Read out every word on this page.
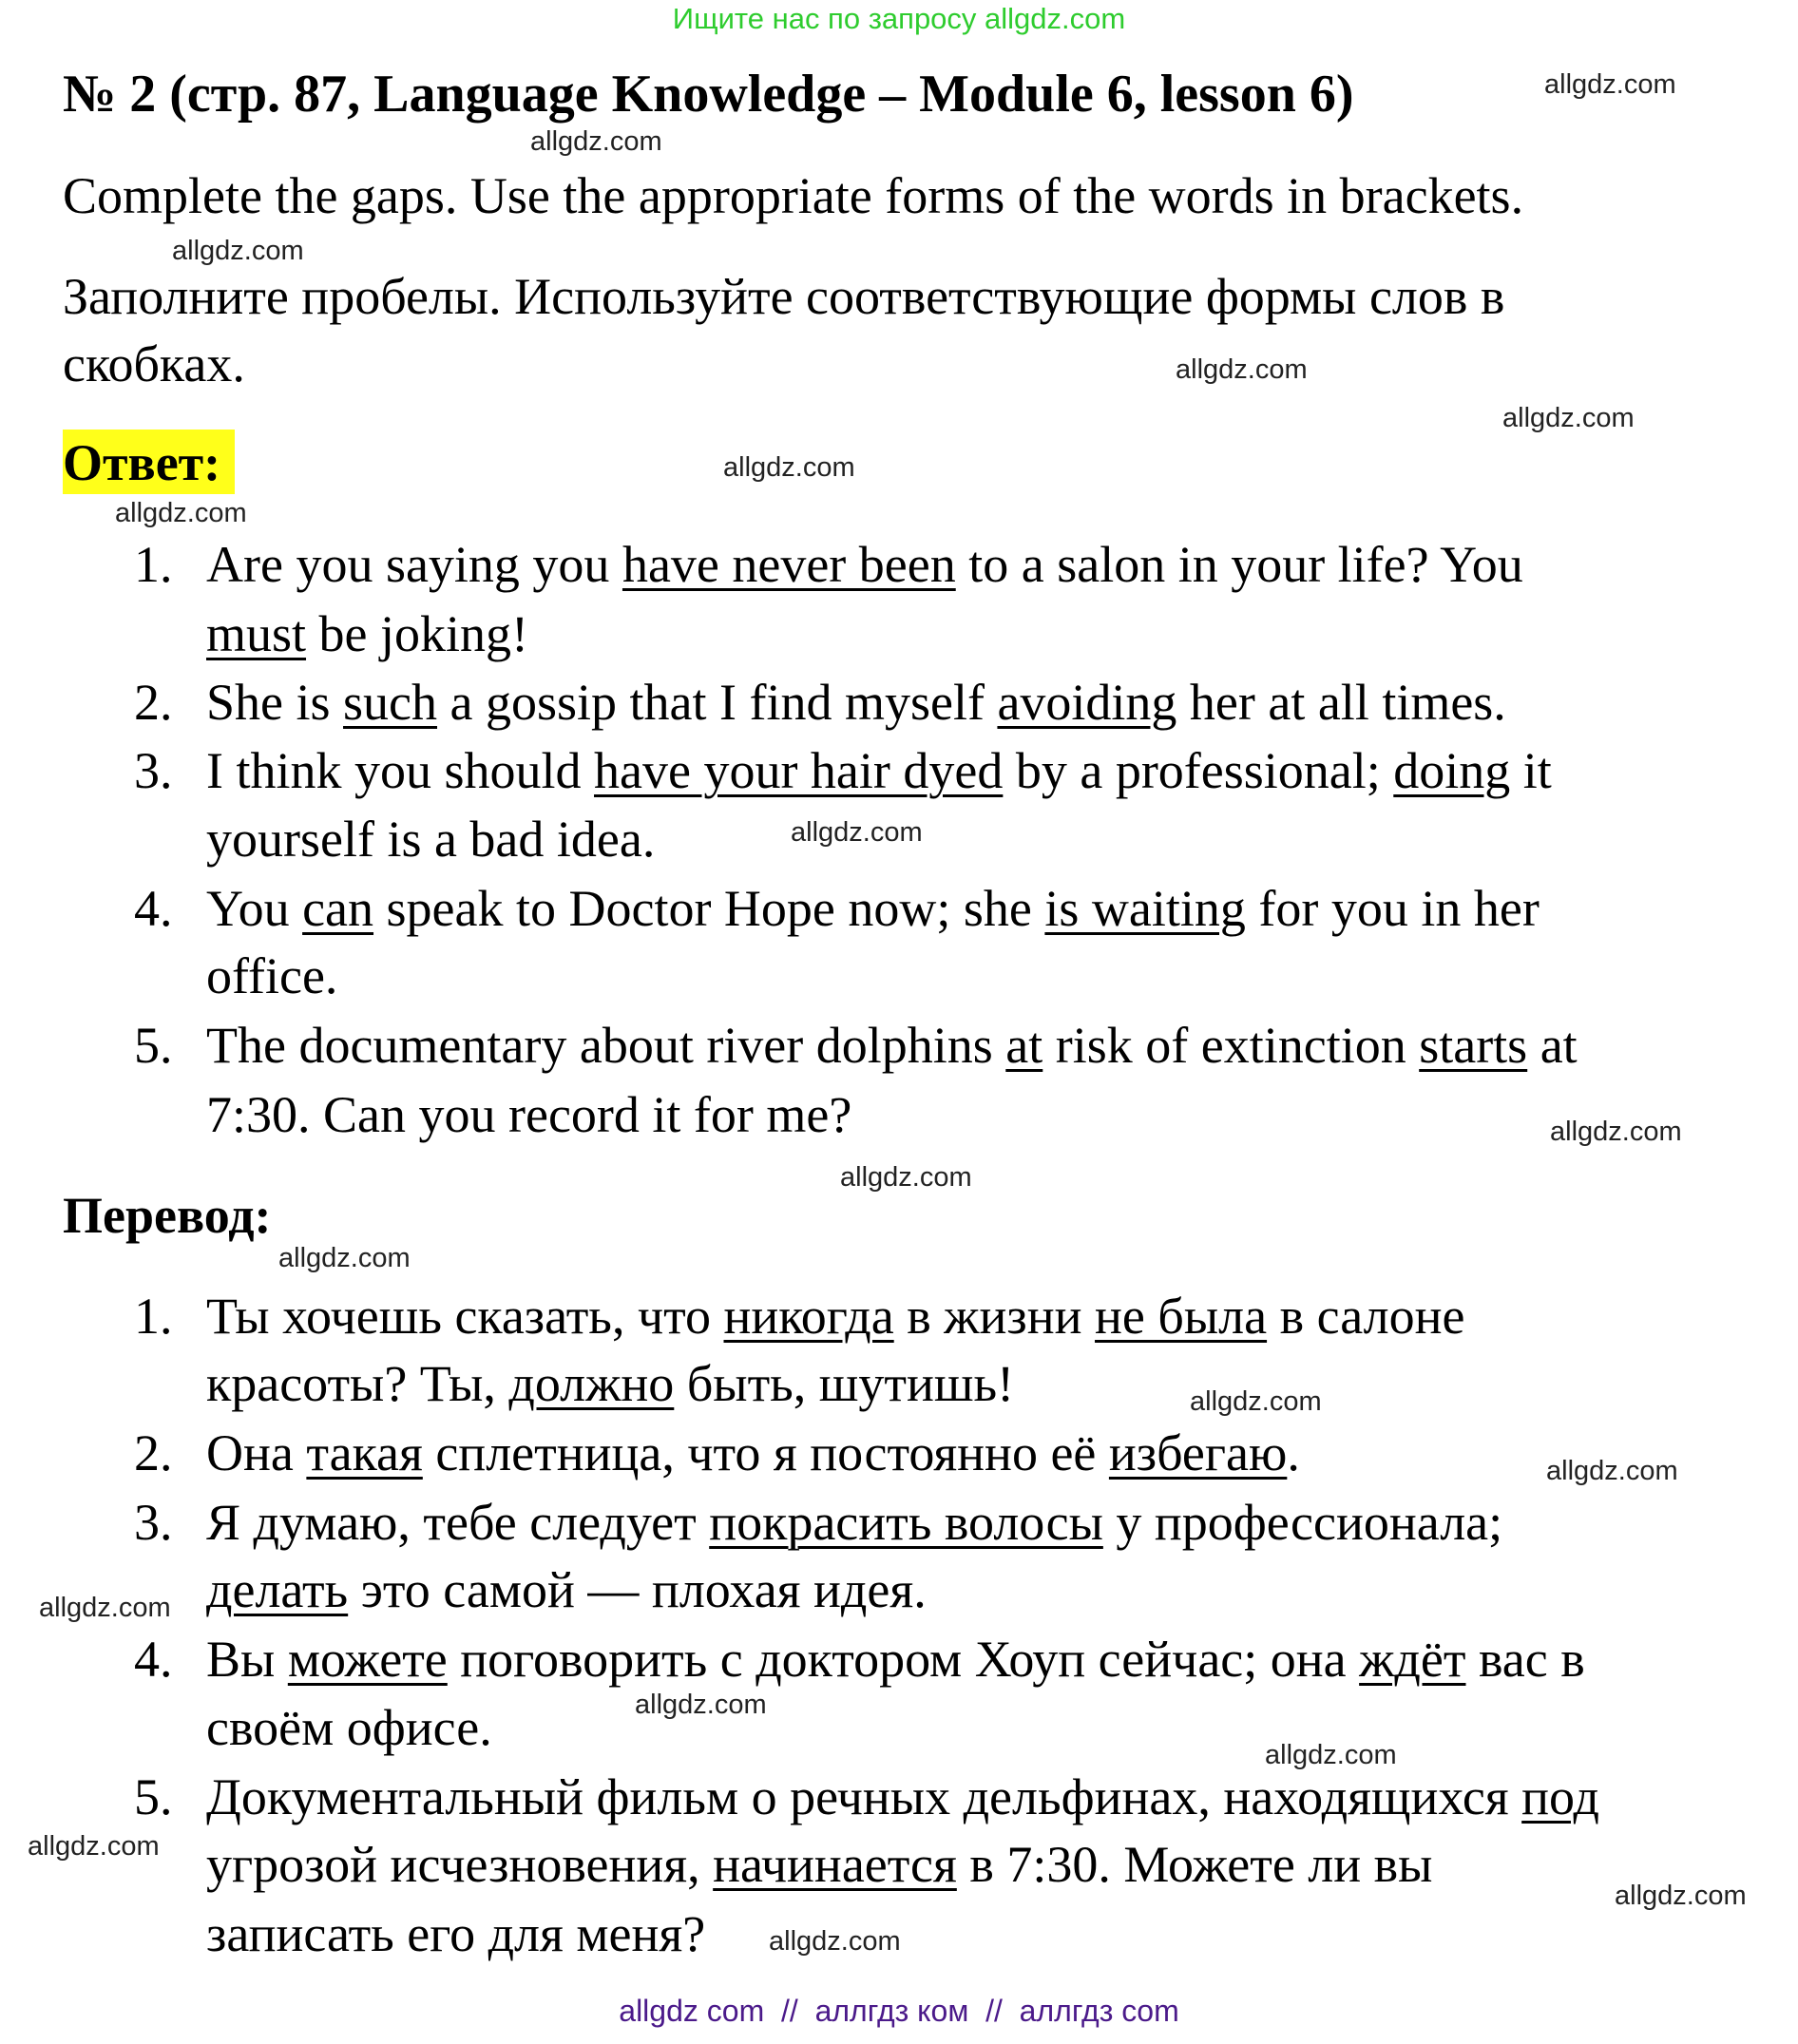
Ищите нас по запросу allgdz.com
№ 2 (стр. 87, Language Knowledge – Module 6, lesson 6)
Complete the gaps. Use the appropriate forms of the words in brackets.
Заполните пробелы. Используйте соответствующие формы слов в
скобках.
Ответ:
1. Are you saying you have never been to a salon in your life? You
must be joking!
2. She is such a gossip that I find myself avoiding her at all times.
3. I think you should have your hair dyed by a professional; doing it
yourself is a bad idea.
4. You can speak to Doctor Hope now; she is waiting for you in her
office.
5. The documentary about river dolphins at risk of extinction starts at
7:30. Can you record it for me?
Перевод:
1. Ты хочешь сказать, что никогда в жизни не была в салоне
красоты? Ты, должно быть, шутишь!
2. Она такая сплетница, что я постоянно её избегаю.
3. Я думаю, тебе следует покрасить волосы у профессионала;
делать это самой — плохая идея.
4. Вы можете поговорить с доктором Хоуп сейчас; она ждёт вас в
своём офисе.
5. Документальный фильм о речных дельфинах, находящихся под
угрозой исчезновения, начинается в 7:30. Можете ли вы
записать его для меня?
allgdz.com
allgdz.com
allgdz.com
allgdz.com
allgdz.com
allgdz.com
allgdz.com
allgdz.com
allgdz.com
allgdz.com
allgdz.com
allgdz.com
allgdz.com
allgdz.com
allgdz.com
allgdz.com
allgdz.com
allgdz.com
allgdz.com
allgdz com  //  аллгдз ком  //  аллгдз com
